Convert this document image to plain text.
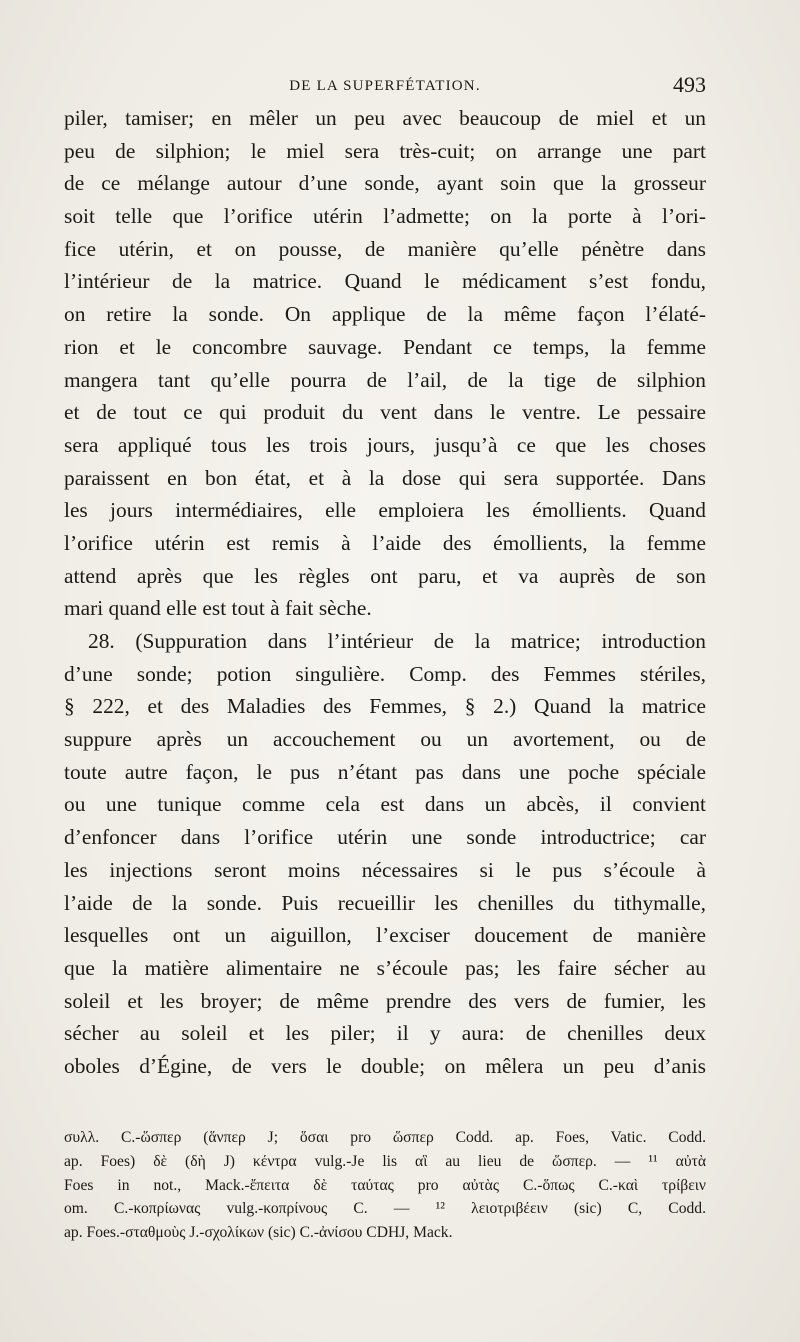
DE LA SUPERFÉTATION.	493
piler, tamiser; en mêler un peu avec beaucoup de miel et un
peu de silphion; le miel sera très-cuit; on arrange une part
de ce mélange autour d’une sonde, ayant soin que la grosseur
soit telle que l’orifice utérin l’admette; on la porte à l’ori-
fice utérin, et on pousse, de manière qu’elle pénètre dans
l’intérieur de la matrice. Quand le médicament s’est fondu,
on retire la sonde. On applique de la même façon l’élaté-
rion et le concombre sauvage. Pendant ce temps, la femme
mangera tant qu’elle pourra de l’ail, de la tige de silphion
et de tout ce qui produit du vent dans le ventre. Le pessaire
sera appliqué tous les trois jours, jusqu’à ce que les choses
paraissent en bon état, et à la dose qui sera supportée. Dans
les jours intermédiaires, elle emploiera les émollients. Quand
l’orifice utérin est remis à l’aide des émollients, la femme
attend après que les règles ont paru, et va auprès de son
mari quand elle est tout à fait sèche.
28. (Suppuration dans l’intérieur de la matrice; introduction
d’une sonde; potion singulière. Comp. des Femmes stériles,
§ 222, et des Maladies des Femmes, § 2.) Quand la matrice
suppure après un accouchement ou un avortement, ou de
toute autre façon, le pus n’étant pas dans une poche spéciale
ou une tunique comme cela est dans un abcès, il convient
d’enfoncer dans l’orifice utérin une sonde introductrice; car
les injections seront moins nécessaires si le pus s’écoule à
l’aide de la sonde. Puis recueillir les chenilles du tithymalle,
lesquelles ont un aiguillon, l’exciser doucement de manière
que la matière alimentaire ne s’écoule pas; les faire sécher au
soleil et les broyer; de même prendre des vers de fumier, les
sécher au soleil et les piler; il y aura: de chenilles deux
oboles d’Égine, de vers le double; on mêlera un peu d’anis
συλλ. C.-ὥσπερ (ἅνπερ J; ὅσαι pro ὥσπερ Codd. ap. Foes, Vatic. Codd.
ap. Foes) δὲ (δὴ J) κέντρα vulg.-Je lis αἳ au lieu de ὥσπερ. — ¹¹ αὐτὰ
Foes in not., Mack.-ἔπειτα δὲ ταύτας pro αὐτὰς C.-ὅπως C.-καὶ τρίβειν
om. C.-κοπρίωνας vulg.-κοπρίνους C. — ¹² λειοτριβέειν (sic) C, Codd.
ap. Foes.-σταθμοὺς J.-σχολίκων (sic) C.-ἀνίσου CDHJ, Mack.
